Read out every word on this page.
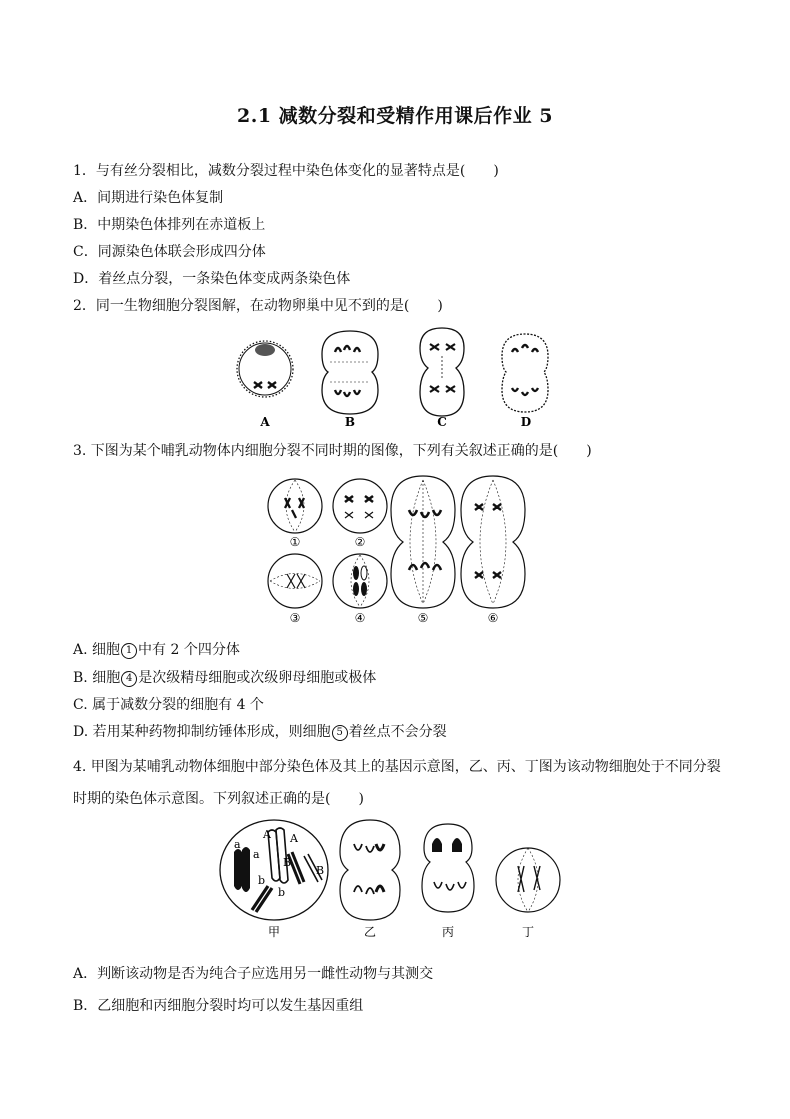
2.1 减数分裂和受精作用课后作业 5
1．与有丝分裂相比，减数分裂过程中染色体变化的显著特点是(　　)
A．间期进行染色体复制
B．中期染色体排列在赤道板上
C．同源染色体联会形成四分体
D．着丝点分裂，一条染色体变成两条染色体
2．同一生物细胞分裂图解，在动物卵巢中见不到的是(　　)
A	B	C	D
3. 下图为某个哺乳动物体内细胞分裂不同时期的图像，下列有关叙述正确的是(　　)
①	②
③	④	⑤	⑥
A. 细胞 1 中有 2 个四分体
B. 细胞 4 是次级精母细胞或次级卵母细胞或极体
C. 属于减数分裂的细胞有 4 个
D. 若用某种药物抑制纺锤体形成，则细胞 5 着丝点不会分裂
4. 甲图为某哺乳动物体细胞中部分染色体及其上的基因示意图，乙、丙、丁图为该动物细胞处于不同分裂
时期的染色体示意图。下列叙述正确的是(　　)
a
a
A A
B
B
b
b
甲	乙	丙	丁
A．判断该动物是否为纯合子应选用另一雌性动物与其测交
B．乙细胞和丙细胞分裂时均可以发生基因重组
